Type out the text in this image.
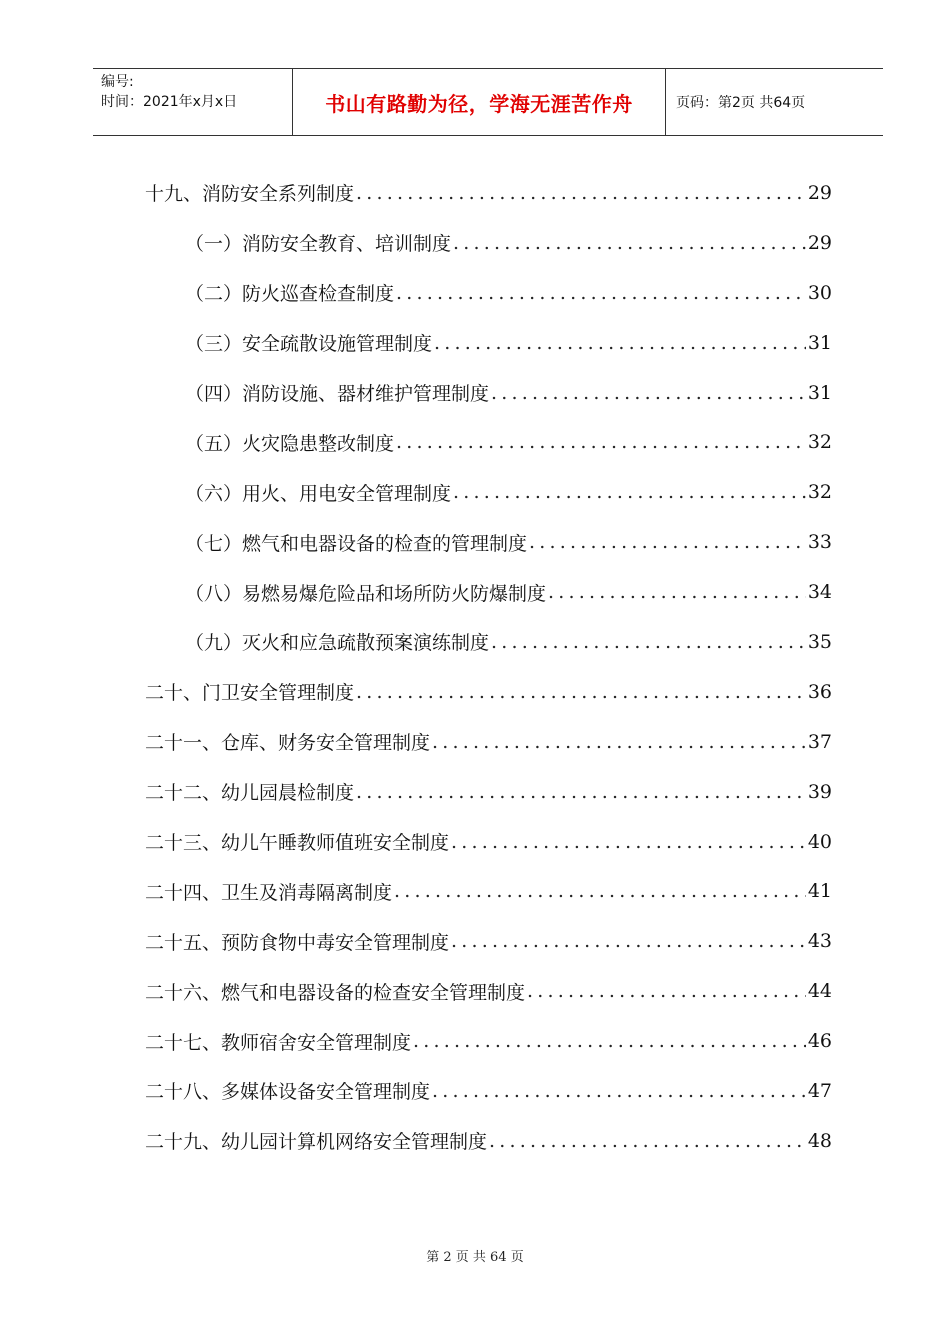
编号:
时间：2021年x月x日	书山有路勤为径，学海无涯苦作舟	页码：第2页 共64页
十九、消防安全系列制度 .....	29
（一）消防安全教育、培训制度 .....	29
（二）防火巡查检查制度 .....	30
（三）安全疏散设施管理制度 .....	31
（四）消防设施、器材维护管理制度 .....	31
（五）火灾隐患整改制度 .....	32
（六）用火、用电安全管理制度 .....	32
（七）燃气和电器设备的检查的管理制度 .....	33
（八）易燃易爆危险品和场所防火防爆制度 .....	34
（九）灭火和应急疏散预案演练制度 .....	35
二十、门卫安全管理制度 .....	36
二十一、仓库、财务安全管理制度 .....	37
二十二、幼儿园晨检制度 .....	39
二十三、幼儿午睡教师值班安全制度 .....	40
二十四、卫生及消毒隔离制度 .....	41
二十五、预防食物中毒安全管理制度 .....	43
二十六、燃气和电器设备的检查安全管理制度 .....	44
二十七、教师宿舍安全管理制度 .....	46
二十八、多媒体设备安全管理制度 .....	47
二十九、幼儿园计算机网络安全管理制度 .....	48
第 2 页 共 64 页
